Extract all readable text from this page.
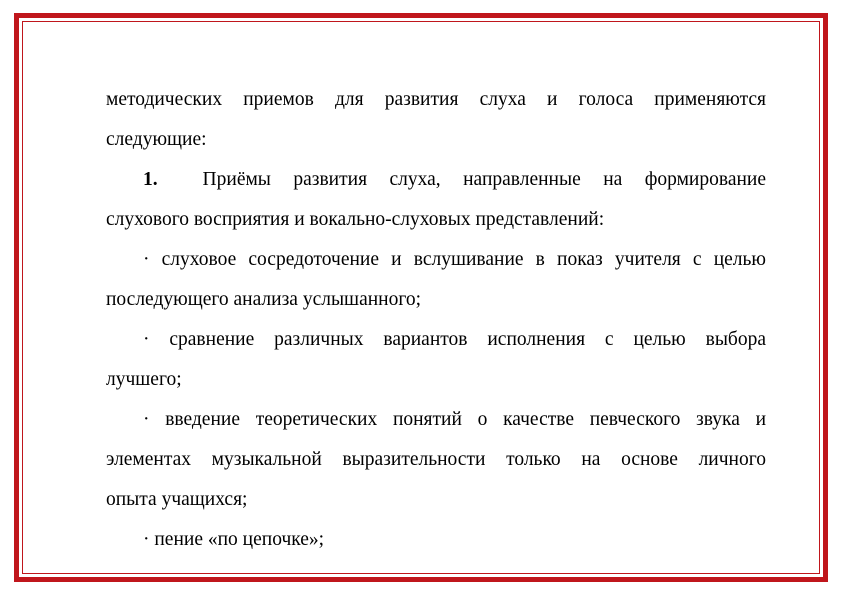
методических приемов для развития слуха и голоса применяются
следующие:
1. Приёмы развития слуха, направленные на формирование
слухового восприятия и вокально-слуховых представлений:
· слуховое сосредоточение и вслушивание в показ учителя с целью
последующего анализа услышанного;
· сравнение различных вариантов исполнения с целью выбора
лучшего;
· введение теоретических понятий о качестве певческого звука и
элементах музыкальной выразительности только на основе личного
опыта учащихся;
· пение «по цепочке»;
